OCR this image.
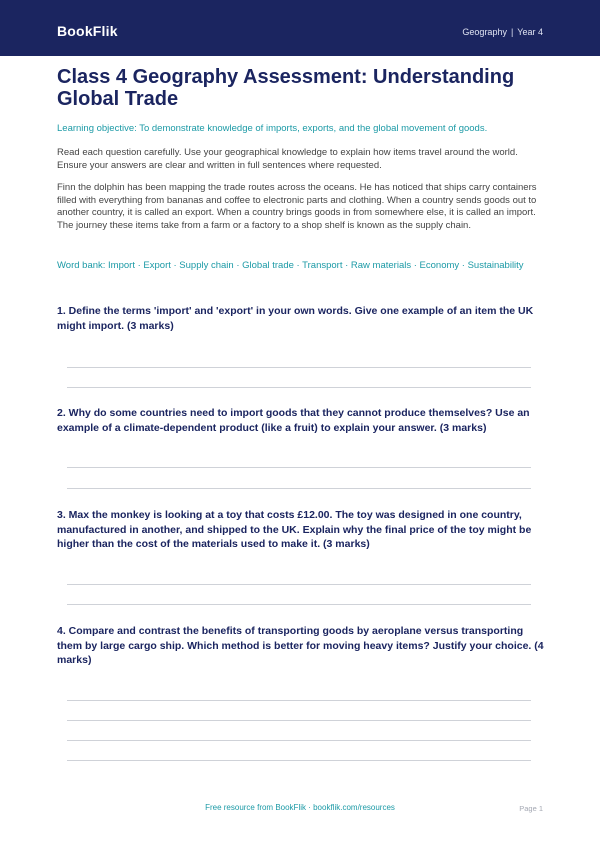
BookFlik	Geography | Year 4
Class 4 Geography Assessment: Understanding Global Trade

Learning objective: To demonstrate knowledge of imports, exports, and the global movement of goods.

Read each question carefully. Use your geographical knowledge to explain how items travel around the world. Ensure your answers are clear and written in full sentences where requested.

Finn the dolphin has been mapping the trade routes across the oceans. He has noticed that ships carry containers filled with everything from bananas and coffee to electronic parts and clothing. When a country sends goods out to another country, it is called an export. When a country brings goods in from somewhere else, it is called an import. The journey these items take from a farm or a factory to a shop shelf is known as the supply chain.

Word bank: Import · Export · Supply chain · Global trade · Transport · Raw materials · Economy · Sustainability

1. Define the terms 'import' and 'export' in your own words. Give one example of an item the UK might import. (3 marks)

2. Why do some countries need to import goods that they cannot produce themselves? Use an example of a climate-dependent product (like a fruit) to explain your answer. (3 marks)

3. Max the monkey is looking at a toy that costs £12.00. The toy was designed in one country, manufactured in another, and shipped to the UK. Explain why the final price of the toy might be higher than the cost of the materials used to make it. (3 marks)

4. Compare and contrast the benefits of transporting goods by aeroplane versus transporting them by large cargo ship. Which method is better for moving heavy items? Justify your choice. (4 marks)

Free resource from BookFlik · bookflik.com/resources	Page 1
